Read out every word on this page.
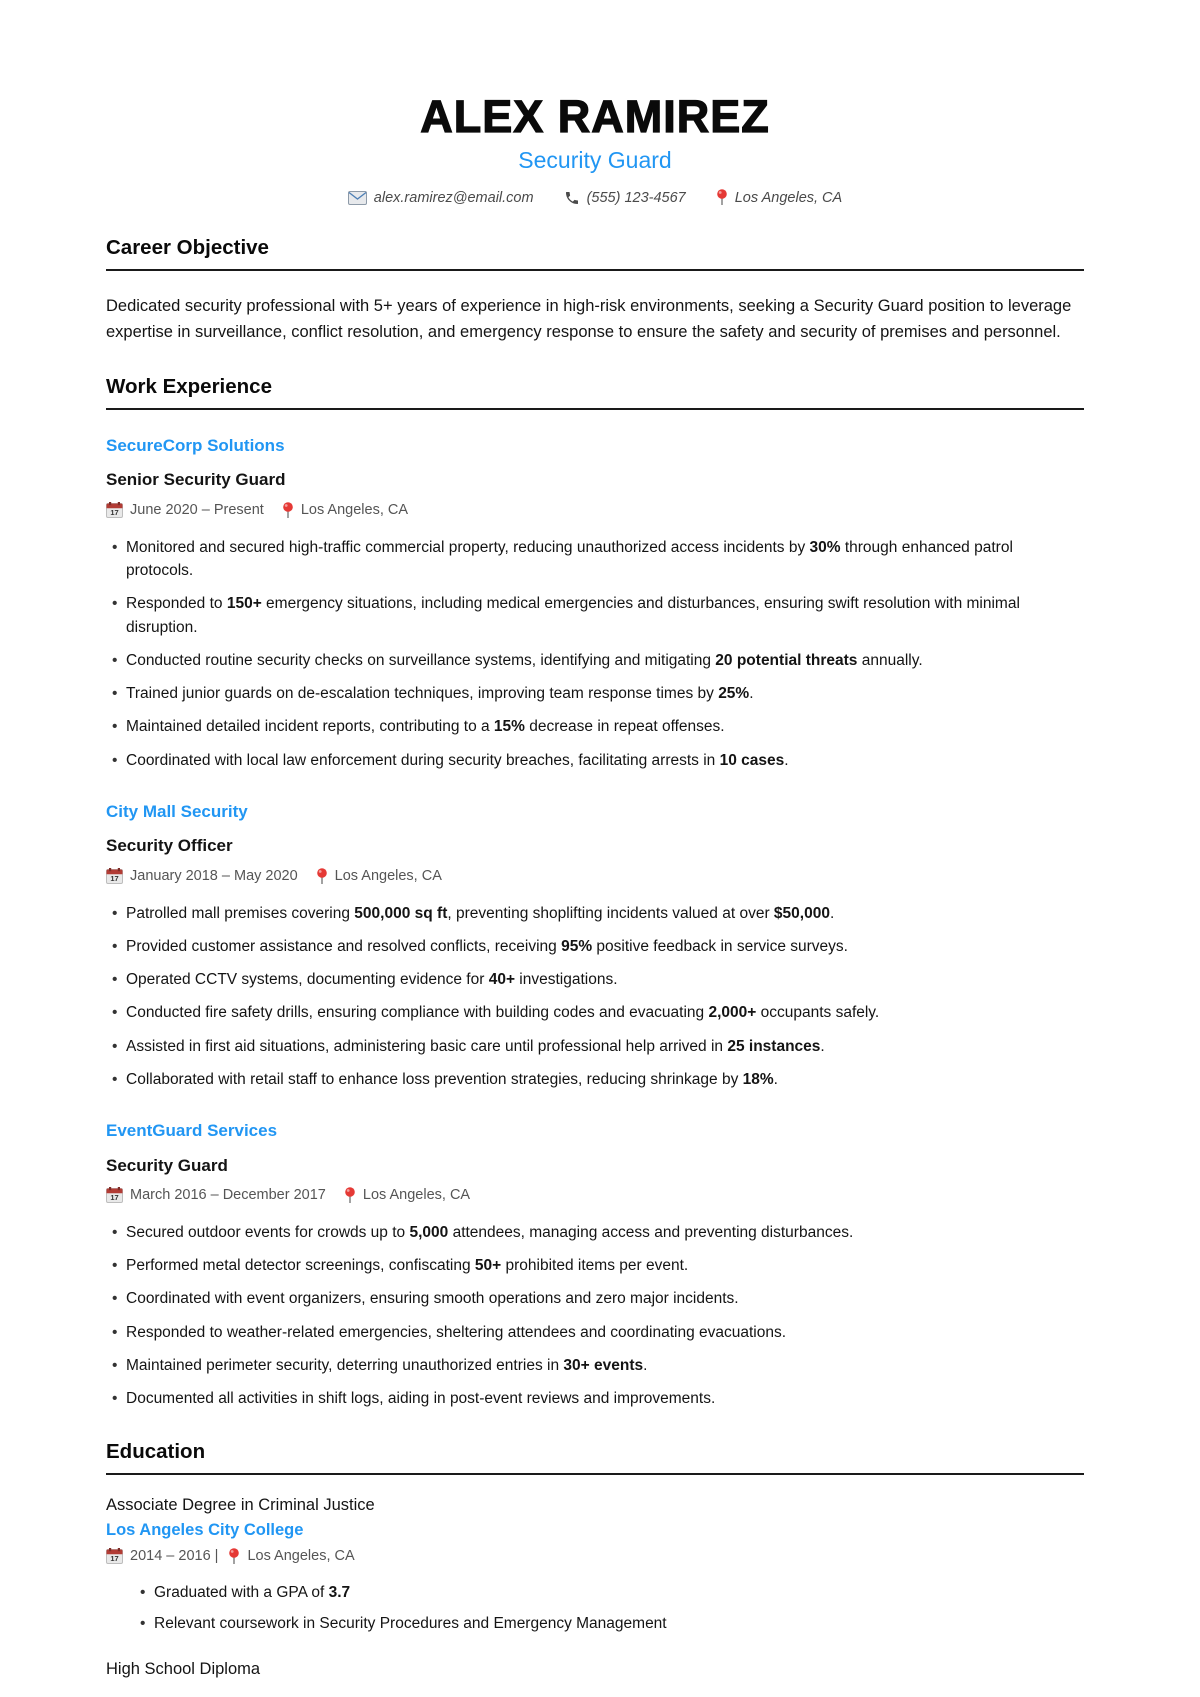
ALEX RAMIREZ
Security Guard
alex.ramirez@email.com	(555) 123-4567	Los Angeles, CA
Career Objective

Dedicated security professional with 5+ years of experience in high-risk environments, seeking a Security Guard position to leverage expertise in surveillance, conflict resolution, and emergency response to ensure the safety and security of premises and personnel.

Work Experience
SecureCorp Solutions
Senior Security Guard
17 June 2020 – Present	Los Angeles, CA
• Monitored and secured high-traffic commercial property, reducing unauthorized access incidents by 30% through enhanced patrol protocols.
• Responded to 150+ emergency situations, including medical emergencies and disturbances, ensuring swift resolution with minimal disruption.
• Conducted routine security checks on surveillance systems, identifying and mitigating 20 potential threats annually.
• Trained junior guards on de-escalation techniques, improving team response times by 25%.
• Maintained detailed incident reports, contributing to a 15% decrease in repeat offenses.
• Coordinated with local law enforcement during security breaches, facilitating arrests in 10 cases.
City Mall Security
Security Officer
17 January 2018 – May 2020	Los Angeles, CA
• Patrolled mall premises covering 500,000 sq ft, preventing shoplifting incidents valued at over $50,000.
• Provided customer assistance and resolved conflicts, receiving 95% positive feedback in service surveys.
• Operated CCTV systems, documenting evidence for 40+ investigations.
• Conducted fire safety drills, ensuring compliance with building codes and evacuating 2,000+ occupants safely.
• Assisted in first aid situations, administering basic care until professional help arrived in 25 instances.
• Collaborated with retail staff to enhance loss prevention strategies, reducing shrinkage by 18%.
EventGuard Services
Security Guard
17 March 2016 – December 2017	Los Angeles, CA
• Secured outdoor events for crowds up to 5,000 attendees, managing access and preventing disturbances.
• Performed metal detector screenings, confiscating 50+ prohibited items per event.
• Coordinated with event organizers, ensuring smooth operations and zero major incidents.
• Responded to weather-related emergencies, sheltering attendees and coordinating evacuations.
• Maintained perimeter security, deterring unauthorized entries in 30+ events.
• Documented all activities in shift logs, aiding in post-event reviews and improvements.
Education
Associate Degree in Criminal Justice
Los Angeles City College
17 2014 – 2016 | Los Angeles, CA
• Graduated with a GPA of 3.7
• Relevant coursework in Security Procedures and Emergency Management
High School Diploma
